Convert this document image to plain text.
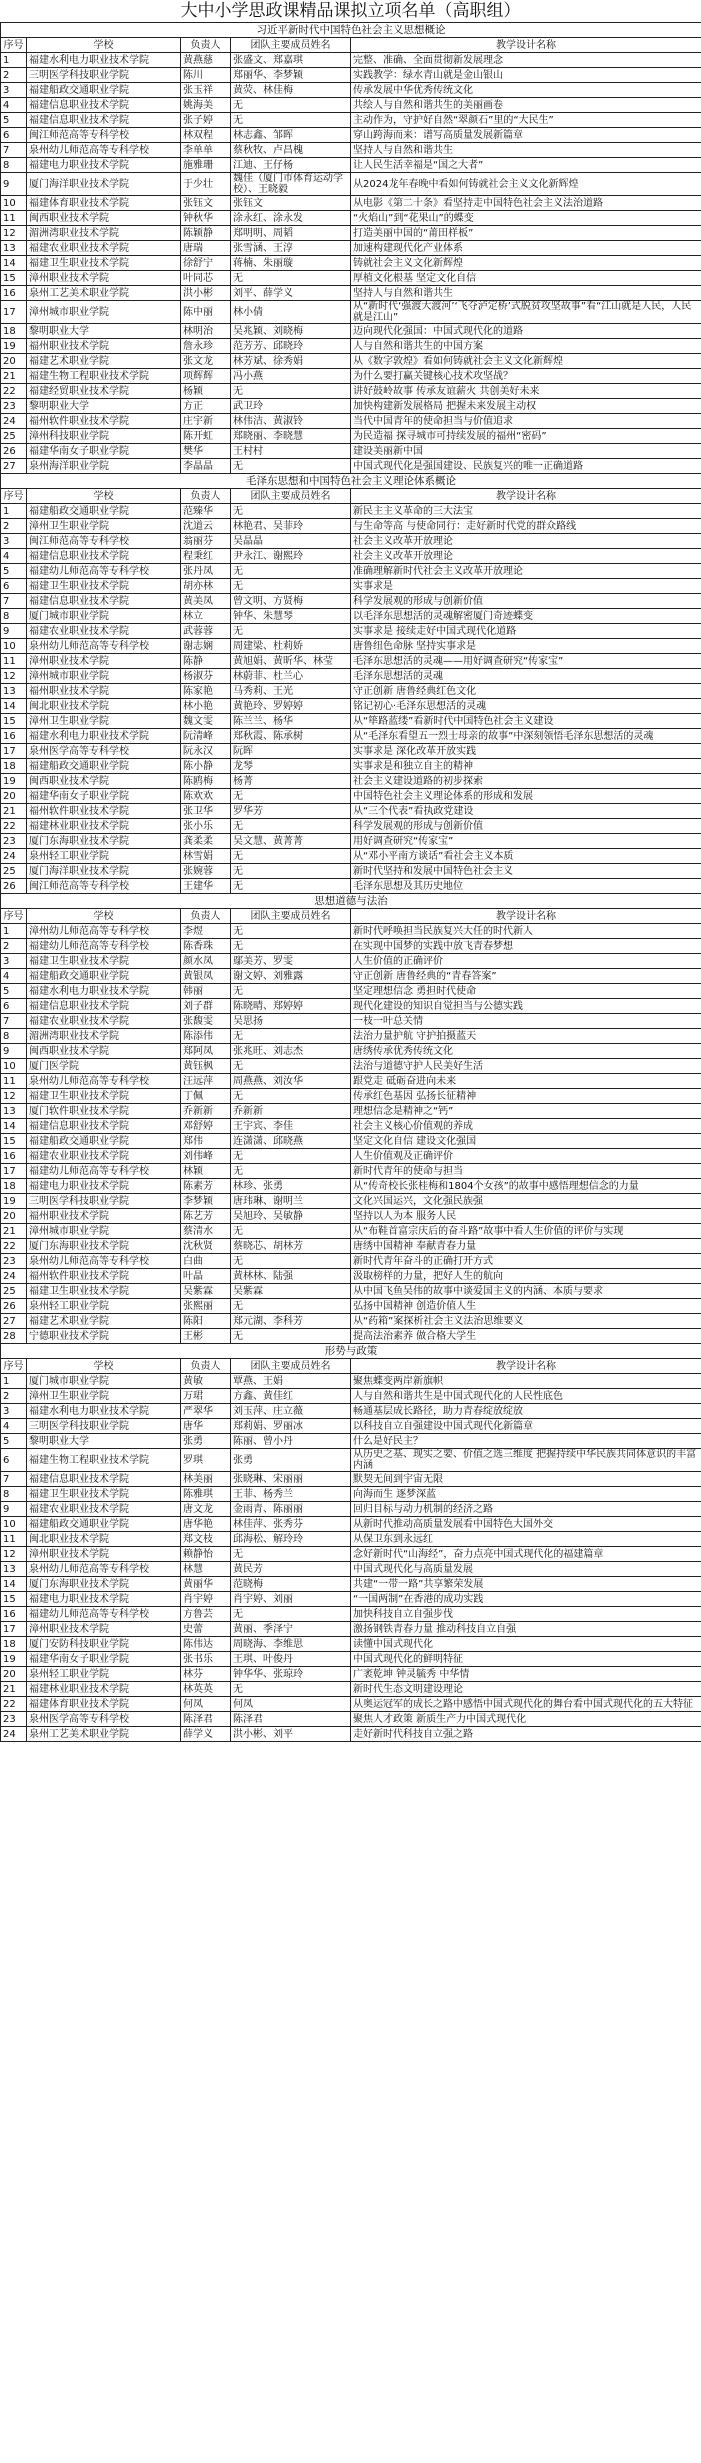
大中小学思政课精品课拟立项名单（高职组）
习近平新时代中国特色社会主义思想概论				
序号	学校	负责人	团队主要成员姓名	教学设计名称
1	福建水利电力职业技术学院	黄燕慈	张盛文、郑嘉琪	完整、准确、全面贯彻新发展理念
2	三明医学科技职业学院	陈川	郑丽华、李梦颖	实践教学：绿水青山就是金山银山
3	福建船政交通职业学院	张玉祥	黄荧、林佳梅	传承发展中华优秀传统文化
4	福建信息职业技术学院	姚海美	无	共绘人与自然和谐共生的美丽画卷
5	福建信息职业技术学院	张子婷	无	主动作为，守护好自然“翠颜石”里的“大民生”
6	闽江师范高等专科学校	林双程	林志鑫、邹晖	穿山跨海而来：谱写高质量发展新篇章
7	泉州幼儿师范高等专科学校	李单单	蔡秋牧、卢昌槐	坚持人与自然和谐共生
8	福建电力职业技术学院	施雅珊	江迪、王仔杨	让人民生活幸福是“国之大者”
9	厦门海洋职业技术学院	于少壮	魏佳（厦门市体育运动学校）、王晓毅	从2024龙年春晚中看如何铸就社会主义文化新辉煌
10	福建体育职业技术学院	张钰文	张钰文	从电影《第二十条》看坚持走中国特色社会主义法治道路
11	闽西职业技术学院	钟秋华	涂永红、涂永发	“火焰山”到“花果山”的蝶变
12	湄洲湾职业技术学院	陈颖静	郑明明、周韬	打造美丽中国的“莆田样板”
13	福建农业职业技术学院	唐瑞	张雪涵、王淳	加速构建现代化产业体系
14	福建卫生职业技术学院	徐舒宁	蒋楠、朱丽璇	铸就社会主义文化新辉煌
15	漳州职业技术学院	叶同芯	无	厚植文化根基 坚定文化自信
16	泉州工艺美术职业学院	洪小彬	刘平、薛学义	坚持人与自然和谐共生
17	漳州城市职业学院	陈中丽	林小倩	从“新时代‘强渡大渡河’‘飞夺泸定桥’式脱贫攻坚故事”看“江山就是人民，人民就是江山”
18	黎明职业大学	林明治	吴兆颖、刘晓梅	迈向现代化强国：中国式现代化的道路
19	福州职业技术学院	詹永珍	范芳芳、邱晓玲	人与自然和谐共生的中国方案
20	福建艺术职业学院	张文龙	林芳斌、徐秀娟	从《数字敦煌》看如何铸就社会主义文化新辉煌
21	福建生物工程职业技术学院	项辉辉	冯小燕	为什么要打赢关键核心技术攻坚战？
22	福建经贸职业技术学院	杨颖	无	讲好鼓岭故事 传承友谊薪火 共创美好未来
23	黎明职业大学	方正	武卫玲	加快构建新发展格局 把握未来发展主动权
24	福州软件职业技术学院	庄宇新	林伟洁、黄淑铃	当代中国青年的使命担当与价值追求
25	漳州科技职业学院	陈开虹	郑晓丽、李晓慧	为民造福 探寻城市可持续发展的福州“密码”
26	福建华南女子职业学院	樊华	王村村	建设美丽新中国
27	泉州海洋职业学院	李晶晶	无	中国式现代化是强国建设、民族复兴的唯一正确道路
毛泽东思想和中国特色社会主义理论体系概论				
序号	学校	负责人	团队主要成员姓名	教学设计名称
1	福建船政交通职业学院	范臻华	无	新民主主义革命的三大法宝
2	漳州卫生职业学院	沈道云	林艳君、吴菲玲	与生命等高 与使命同行：走好新时代党的群众路线
3	闽江师范高等专科学校	翁丽芬	吴晶晶	社会主义改革开放理论
4	福建信息职业技术学院	程秉红	尹永江、谢熙玲	社会主义改革开放理论
5	福建幼儿师范高等专科学校	张丹凤	无	准确理解新时代社会主义改革开放理论
6	福建卫生职业技术学院	胡亦林	无	实事求是
7	福建信息职业技术学院	黄美凤	曾文明、方贤梅	科学发展观的形成与创新价值
8	厦门城市职业学院	林立	钟华、朱慧琴	以毛泽东思想活的灵魂解密厦门奇迹蝶变
9	福建农业职业技术学院	武蓉蓉	无	实事求是 接续走好中国式现代化道路
10	泉州幼儿师范高等专科学校	谢志娴	周建梁、杜莉娇	唐鲁纽色命脉 坚持实事求是
11	漳州职业技术学院	陈静	黄旭娟、黄昕华、林莹	毛泽东思想活的灵魂——用好调查研究“传家宝”
12	漳州城市职业学院	杨淑芬	林蔚菲、杜兰心	毛泽东思想活的灵魂
13	福州职业技术学院	陈家艳	马秀莉、王光	守正创新 唐鲁经典红色文化
14	闽北职业技术学院	林小艳	黄艳玲、罗婷婷	铭记初心·毛泽东思想活的灵魂
15	漳州卫生职业学院	魏文雯	陈兰兰、杨华	从“筚路蓝缕”看新时代中国特色社会主义建设
16	福建水利电力职业技术学院	阮清峰	郑秋霞、陈承树	从“毛泽东看望五一烈士母亲的故事”中深刻领悟毛泽东思想活的灵魂
17	泉州医学高等专科学校	阮永汉	阮晖	实事求是 深化改革开放实践
18	福建船政交通职业学院	陈小静	龙琴	实事求是和独立自主的精神
19	闽西职业技术学院	陈鸥梅	杨菁	社会主义建设道路的初步探索
20	福建华南女子职业学院	陈欢欢	无	中国特色社会主义理论体系的形成和发展
21	福州软件职业技术学院	张卫华	罗华芳	从“三个代表”看执政党建设
22	福建林业职业技术学院	张小乐	无	科学发展观的形成与创新价值
23	厦门东海职业技术学院	龚柔柔	吴文慧、黄菁菁	用好调查研究“传家宝”
24	泉州轻工职业学院	林雪娟	无	从“邓小平南方谈话”看社会主义本质
25	厦门海洋职业技术学院	张婉蓉	无	新时代坚持和发展中国特色社会主义
26	闽江师范高等专科学校	王建华	无	毛泽东思想及其历史地位
思想道德与法治				
序号	学校	负责人	团队主要成员姓名	教学设计名称
1	漳州幼儿师范高等专科学校	李煜	无	新时代呼唤担当民族复兴大任的时代新人
2	福建幼儿师范高等专科学校	陈香珠	无	在实现中国梦的实践中放飞青春梦想
3	福建卫生职业技术学院	颜水凤	鄢美芳、罗雯	人生价值的正确评价
4	福建船政交通职业学院	黄银凤	谢文婷、刘雅露	守正创新 唐鲁经典的“青春答案”
5	福建水利电力职业技术学院	韩丽	无	坚定理想信念 勇担时代使命
6	福建信息职业技术学院	刘子群	陈晓晴、郑婷婷	现代化建设的知识自觉担当与公德实践
7	福建农业职业技术学院	张馥雯	吴思扬	一枝一叶总关情
8	湄洲湾职业技术学院	陈添伟	无	法治力量护航 守护拍摄蓝天
9	闽西职业技术学院	郑阿凤	张兆旺、刘志杰	唐绣传承优秀传统文化
10	厦门医学院	黄钰枫	无	法治与道德守护人民美好生活
11	泉州幼儿师范高等专科学校	汪远萍	周燕燕、刘汝华	跟党走 砥砺奋进向未来
12	福建卫生职业技术学院	丁佩	无	传承红色基因 弘扬长征精神
13	厦门软件职业技术学院	乔新新	乔新新	理想信念是精神之“钙”
14	福建信息职业技术学院	邓舒婷	王宇宾、李佳	社会主义核心价值观的养成
15	福建船政交通职业学院	郑伟	连潇潇、邱晓燕	坚定文化自信 建设文化强国
16	福建农业职业技术学院	刘伟峰	无	人生价值观及正确评价
17	福建幼儿师范高等专科学校	林颖	无	新时代青年的使命与担当
18	福建电力职业技术学院	陈素芳	林珍、张勇	从“传奇校长张桂梅和1804个女孩”的故事中感悟理想信念的力量
19	三明医学科技职业学院	李梦颖	唐玮琳、谢明兰	文化兴国运兴，文化强民族强
20	福州职业技术学院	陈艺芳	吴旭玲、吴敏静	坚持以人为本 服务人民
21	漳州城市职业学院	蔡清水	无	从“布鞋首富宗庆后的奋斗路”故事中看人生价值的评价与实现
22	厦门东海职业技术学院	沈秋贤	蔡晓芯、胡林芳	唐绣中国精神 奉献青春力量
23	泉州幼儿师范高等专科学校	白曲	无	新时代青年奋斗的正确打开方式
24	福州软件职业技术学院	叶晶	黄林林、陆强	汲取榜样的力量，把好人生的航向
25	福建卫生职业技术学院	吴紫霖	吴紫霖	从中国飞鱼吴伟的故事中谈爱国主义的内涵、本质与要求
26	泉州轻工职业学院	张熙丽	无	弘扬中国精神 创造价值人生
27	福建艺术职业学院	陈阳	郑元湖、李科芳	从“药箱”案探析社会主义法治思维要义
28	宁德职业技术学院	王彬	无	提高法治素养 做合格大学生
形势与政策				
序号	学校	负责人	团队主要成员姓名	教学设计名称
1	厦门城市职业学院	黄敏	覃燕、王娟	聚焦蝶变两岸新旗帜
2	漳州卫生职业学院	万珺	方鑫、黄佳红	人与自然和谐共生是中国式现代化的人民性底色
3	福建水利电力职业技术学院	严翠华	刘玉萍、庄立薇	畅通基层成长路径，助力青春绽放绽放
4	三明医学科技职业学院	唐华	郑莉娟、罗丽冰	以科技自立自强建设中国式现代化新篇章
5	黎明职业大学	张勇	陈丽、曾小丹	什么是好民主？
6	福建生物工程职业技术学院	罗琪	张勇	从历史之基、现实之要、价值之选三维度 把握持续中华民族共同体意识的丰富内涵
7	福建信息职业技术学院	林美丽	张晓琳、宋丽丽	默契无间到宇宙无限
8	福建卫生职业技术学院	陈雅琪	王菲、杨秀兰	向海而生 逐梦深蓝
9	福建农业职业技术学院	唐文龙	金雨青、陈丽丽	回归目标与动力机制的经济之路
10	福建船政交通职业学院	唐华艳	林佳萍、张秀芬	从新时代推动高质量发展看中国特色大国外交
11	闽北职业技术学院	郑文枝	邱海松、解玲玲	从保卫东到永远红
12	漳州职业技术学院	赖静怡	无	念好新时代“山海经”，奋力点亮中国式现代化的福建篇章
13	泉州幼儿师范高等专科学校	林慧	黄民芳	中国式现代化与高质量发展
14	厦门东海职业技术学院	黄丽华	范晓梅	共建“一带一路”共享繁荣发展
15	福建电力职业技术学院	肖宇婷	肖宇婷、刘丽	“一国两制”在香港的成功实践
16	福建幼儿师范高等专科学校	方鲁芸	无	加快科技自立自强步伐
17	漳州职业技术学院	史蕾	黄丽、季泽宁	激扬钢铁青春力量 推动科技自立自强
18	厦门安防科技职业学院	陈伟达	周晓海、李维思	读懂中国式现代化
19	福建华南女子职业学院	张书乐	王琪、叶俊丹	中国式现代化的鲜明特征
20	泉州轻工职业学院	林芬	钟华华、张琼玲	广袤乾坤 钟灵毓秀 中华情
21	福建林业职业技术学院	林英英	无	新时代生态文明建设理论
22	福建体育职业技术学院	何凤	何凤	从奥运冠军的成长之路中感悟中国式现代化的舞台看中国式现代化的五大特征
23	泉州医学高等专科学校	陈泽君	陈泽君	聚焦人才政策 新质生产力中国式现代化
24	泉州工艺美术职业学院	薛学义	洪小彬、刘平	走好新时代科技自立强之路
